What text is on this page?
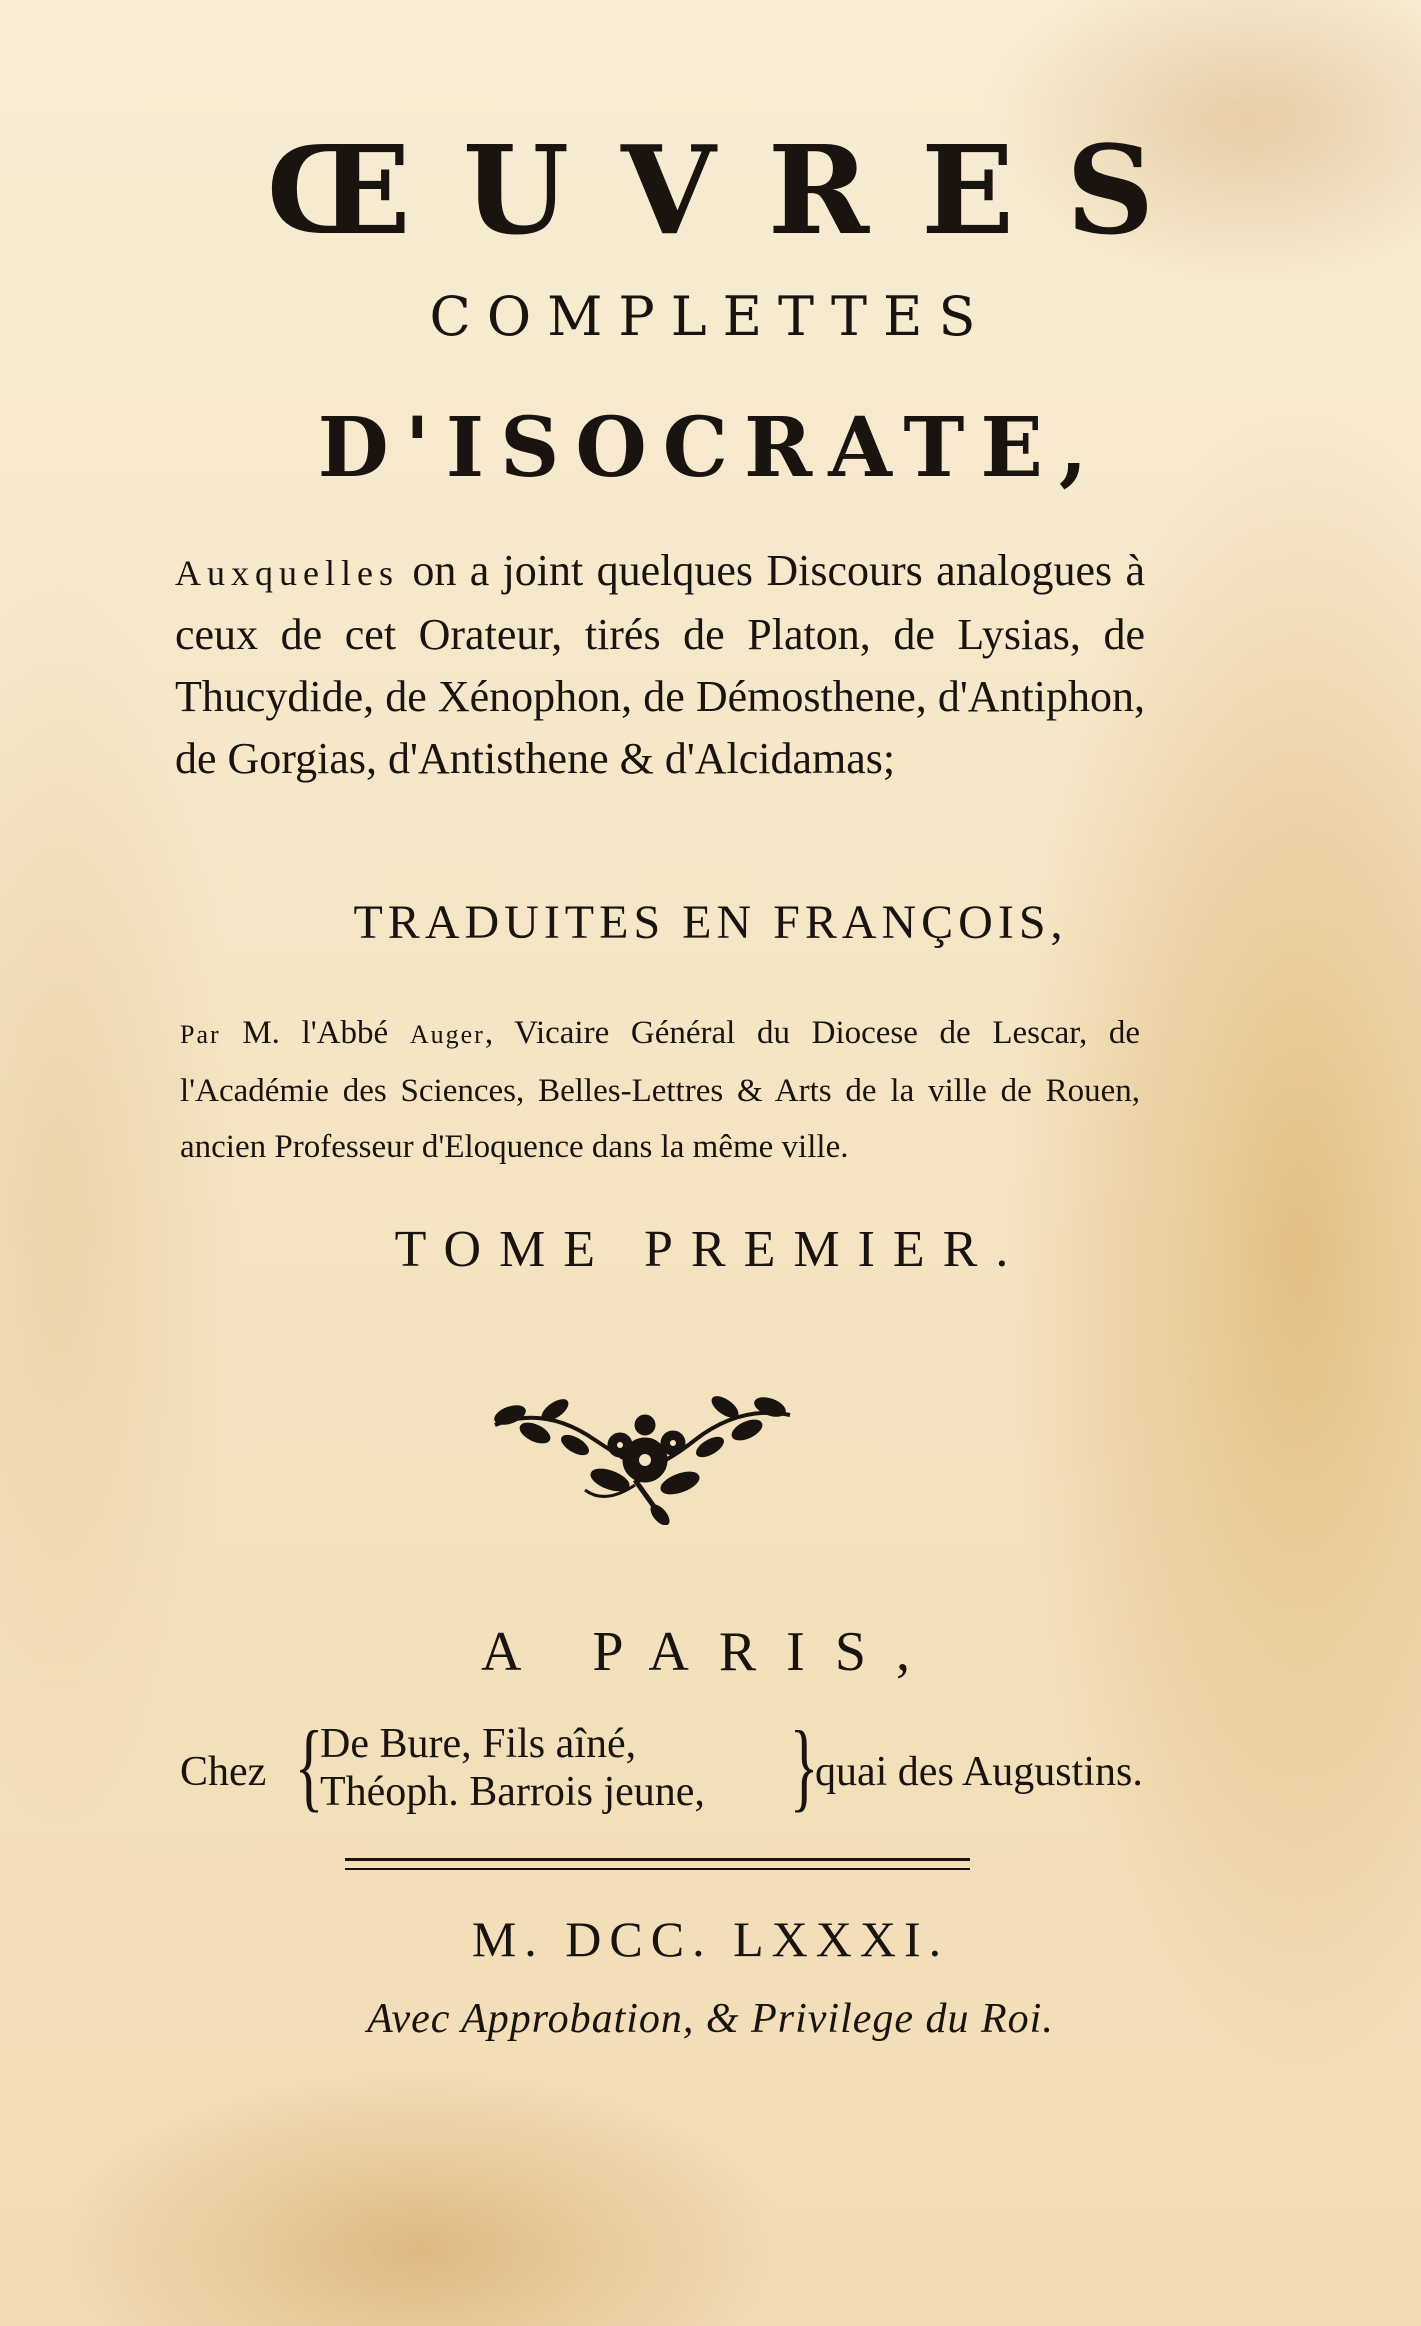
ŒUVRES
COMPLETTES
D'ISOCRATE,
Auxquelles on a joint quelques Discours analogues à ceux de cet Orateur, tirés de Platon, de Lysias, de Thucydide, de Xénophon, de Démosthene, d'Antiphon, de Gorgias, d'Antisthene & d'Alcidamas;
TRADUITES EN FRANÇOIS,
Par M. l'Abbé Auger, Vicaire Général du Diocese de Lescar, de l'Académie des Sciences, Belles-Lettres & Arts de la ville de Rouen, ancien Professeur d'Eloquence dans la même ville.
TOME PREMIER.
A PARIS,
Chez {
De Bure, Fils aîné,
Théoph. Barrois jeune, }
quai des Augustins.
M. DCC. LXXXI.
Avec Approbation, & Privilege du Roi.
